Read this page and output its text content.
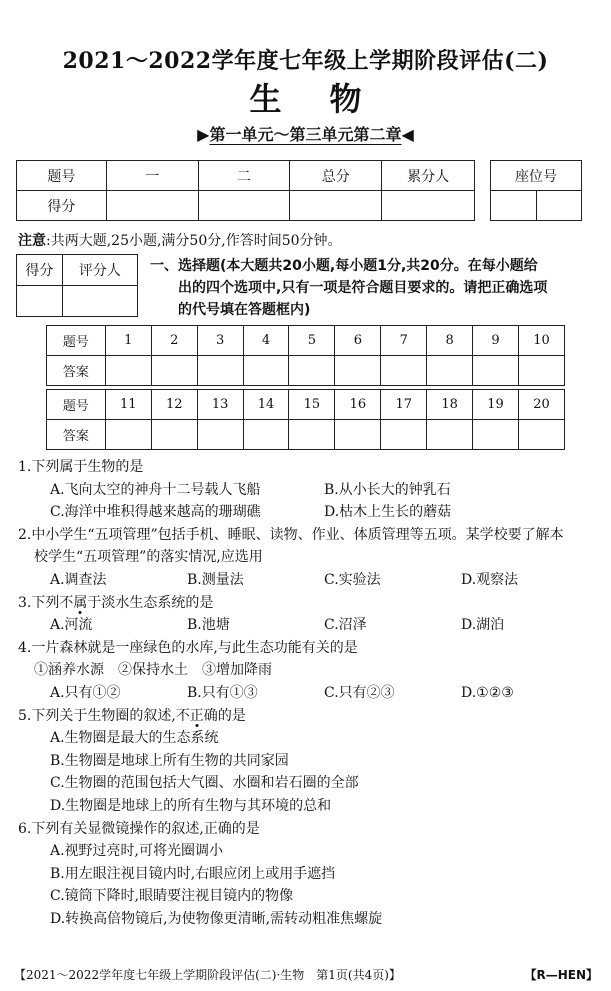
2021～2022学年度七年级上学期阶段评估(二)
生物
▶第一单元～第三单元第二章◀
题号	一	二	总分	累分人
得分				
座位号

注意:共两大题,25小题,满分50分,作答时间50分钟。
得分	评分人
	一、选择题(本大题共20小题,每小题1分,共20分。在每小题给
出的四个选项中,只有一项是符合题目要求的。请把正确选项
的代号填在答题框内)
题号	1	2	3	4	5	6	7	8	9	10
答案										

题号	11	12	13	14	15	16	17	18	19	20
答案										
1.下列属于生物的是
A.飞向太空的神舟十二号载人飞船	B.从小长大的钟乳石
C.海洋中堆积得越来越高的珊瑚礁	D.枯木上生长的蘑菇
2.中小学生“五项管理”包括手机、睡眠、读物、作业、体质管理等五项。某学校要了解本
校学生“五项管理”的落实情况,应选用
A.调查法	B.测量法	C.实验法	D.观察法
3.下列不属于淡水生态系统的是
A.河流	B.池塘	C.沼泽	D.湖泊
4.一片森林就是一座绿色的水库,与此生态功能有关的是
①涵养水源　②保持水土　③增加降雨
A.只有①②	B.只有①③	C.只有②③	D.①②③
5.下列关于生物圈的叙述,不正确的是
A.生物圈是最大的生态系统
B.生物圈是地球上所有生物的共同家园
C.生物圈的范围包括大气圈、水圈和岩石圈的全部
D.生物圈是地球上的所有生物与其环境的总和
6.下列有关显微镜操作的叙述,正确的是
A.视野过亮时,可将光圈调小
B.用左眼注视目镜内时,右眼应闭上或用手遮挡
C.镜筒下降时,眼睛要注视目镜内的物像
D.转换高倍物镜后,为使物像更清晰,需转动粗准焦螺旋
【2021～2022学年度七年级上学期阶段评估(二)·生物　第1页(共4页)】	【R—HEN】
